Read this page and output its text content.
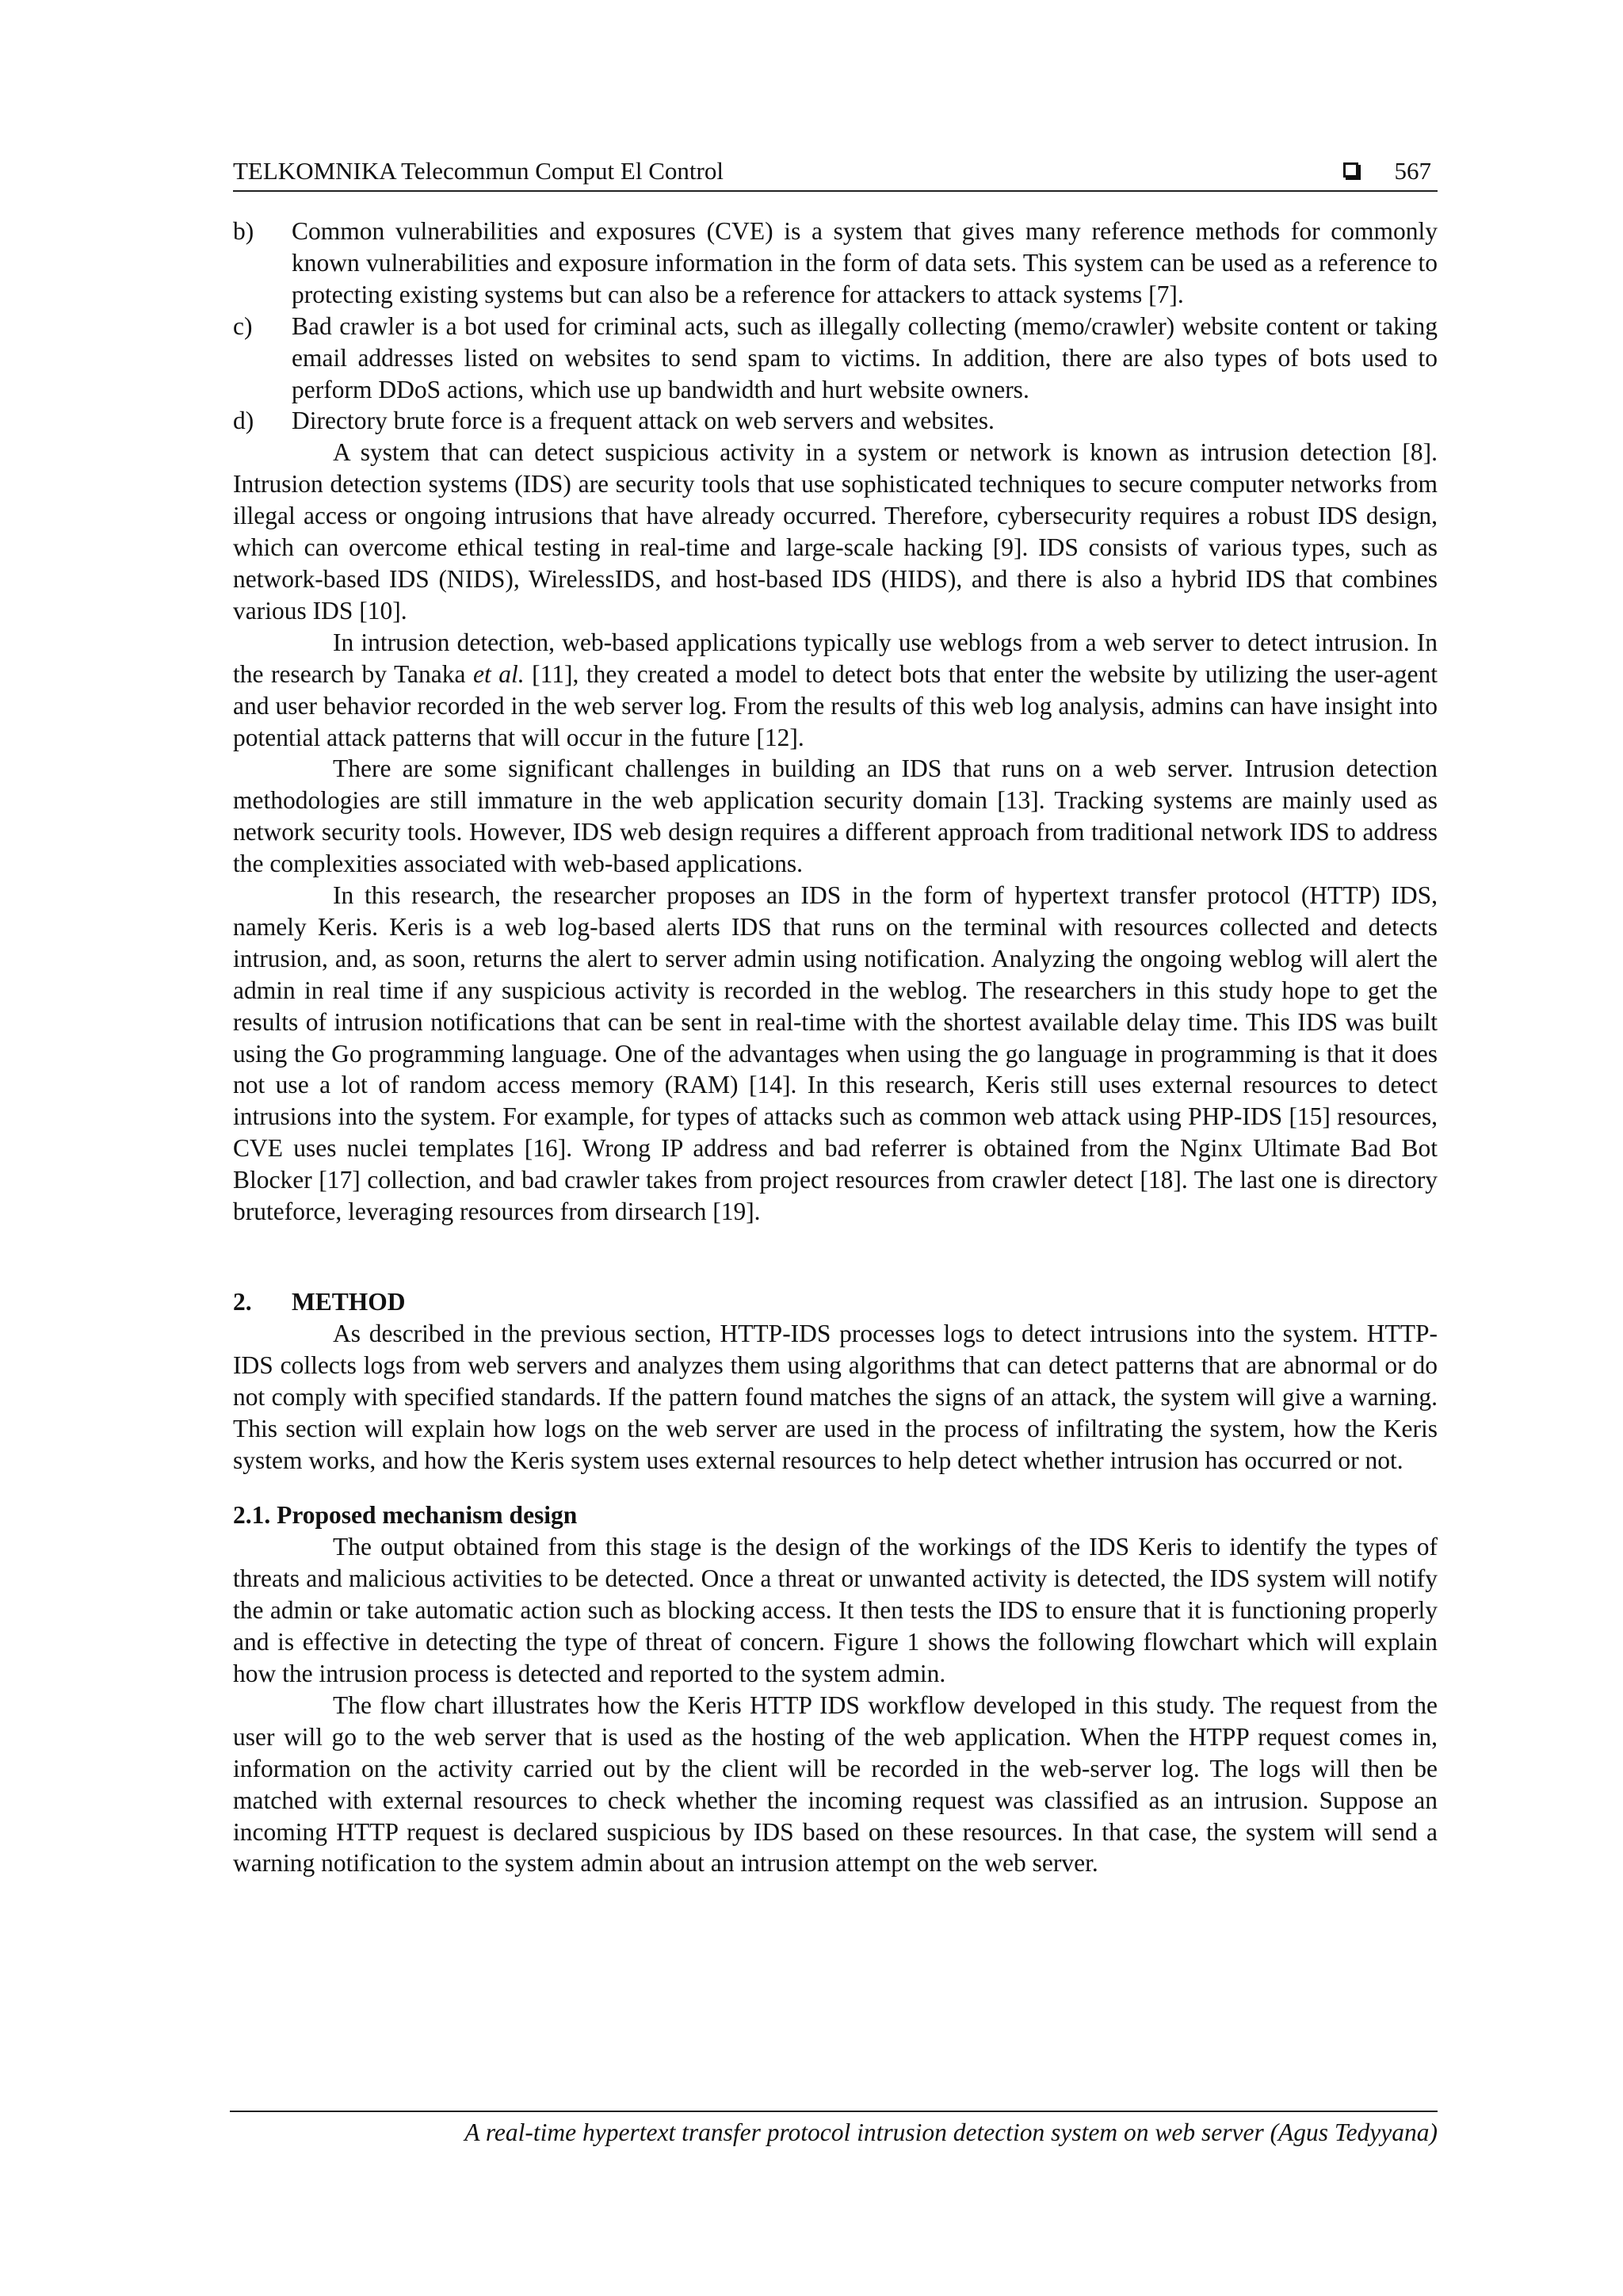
TELKOMNIKA Telecommun Comput El Control	567
b)	Common vulnerabilities and exposures (CVE) is a system that gives many reference methods for commonly known vulnerabilities and exposure information in the form of data sets. This system can be used as a reference to protecting existing systems but can also be a reference for attackers to attack systems [7].
c)	Bad crawler is a bot used for criminal acts, such as illegally collecting (memo/crawler) website content or taking email addresses listed on websites to send spam to victims. In addition, there are also types of bots used to perform DDoS actions, which use up bandwidth and hurt website owners.
d)	Directory brute force is a frequent attack on web servers and websites.

A system that can detect suspicious activity in a system or network is known as intrusion detection [8]. Intrusion detection systems (IDS) are security tools that use sophisticated techniques to secure computer networks from illegal access or ongoing intrusions that have already occurred. Therefore, cybersecurity requires a robust IDS design, which can overcome ethical testing in real-time and large-scale hacking [9]. IDS consists of various types, such as network-based IDS (NIDS), WirelessIDS, and host-based IDS (HIDS), and there is also a hybrid IDS that combines various IDS [10].

In intrusion detection, web-based applications typically use weblogs from a web server to detect intrusion. In the research by Tanaka et al. [11], they created a model to detect bots that enter the website by utilizing the user-agent and user behavior recorded in the web server log. From the results of this web log analysis, admins can have insight into potential attack patterns that will occur in the future [12].

There are some significant challenges in building an IDS that runs on a web server. Intrusion detection methodologies are still immature in the web application security domain [13]. Tracking systems are mainly used as network security tools. However, IDS web design requires a different approach from traditional network IDS to address the complexities associated with web-based applications.

In this research, the researcher proposes an IDS in the form of hypertext transfer protocol (HTTP) IDS, namely Keris. Keris is a web log-based alerts IDS that runs on the terminal with resources collected and detects intrusion, and, as soon, returns the alert to server admin using notification. Analyzing the ongoing weblog will alert the admin in real time if any suspicious activity is recorded in the weblog. The researchers in this study hope to get the results of intrusion notifications that can be sent in real-time with the shortest available delay time. This IDS was built using the Go programming language. One of the advantages when using the go language in programming is that it does not use a lot of random access memory (RAM) [14]. In this research, Keris still uses external resources to detect intrusions into the system. For example, for types of attacks such as common web attack using PHP-IDS [15] resources, CVE uses nuclei templates [16]. Wrong IP address and bad referrer is obtained from the Nginx Ultimate Bad Bot Blocker [17] collection, and bad crawler takes from project resources from crawler detect [18]. The last one is directory bruteforce, leveraging resources from dirsearch [19].

2.	METHOD

As described in the previous section, HTTP-IDS processes logs to detect intrusions into the system. HTTP-IDS collects logs from web servers and analyzes them using algorithms that can detect patterns that are abnormal or do not comply with specified standards. If the pattern found matches the signs of an attack, the system will give a warning. This section will explain how logs on the web server are used in the process of infiltrating the system, how the Keris system works, and how the Keris system uses external resources to help detect whether intrusion has occurred or not.

2.1. Proposed mechanism design

The output obtained from this stage is the design of the workings of the IDS Keris to identify the types of threats and malicious activities to be detected. Once a threat or unwanted activity is detected, the IDS system will notify the admin or take automatic action such as blocking access. It then tests the IDS to ensure that it is functioning properly and is effective in detecting the type of threat of concern. Figure 1 shows the following flowchart which will explain how the intrusion process is detected and reported to the system admin.

The flow chart illustrates how the Keris HTTP IDS workflow developed in this study. The request from the user will go to the web server that is used as the hosting of the web application. When the HTPP request comes in, information on the activity carried out by the client will be recorded in the web-server log. The logs will then be matched with external resources to check whether the incoming request was classified as an intrusion. Suppose an incoming HTTP request is declared suspicious by IDS based on these resources. In that case, the system will send a warning notification to the system admin about an intrusion attempt on the web server.

A real-time hypertext transfer protocol intrusion detection system on web server (Agus Tedyyana)
